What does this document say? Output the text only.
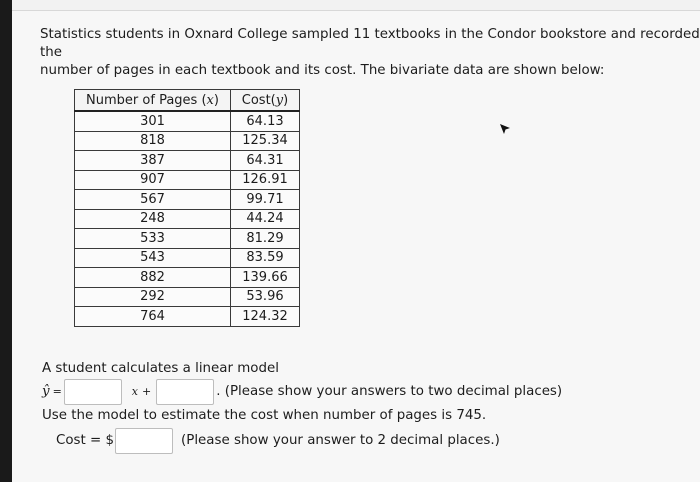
Statistics students in Oxnard College sampled 11 textbooks in the Condor bookstore and recorded the
number of pages in each textbook and its cost. The bivariate data are shown below:
Number of Pages (x)	Cost(y)
301	64.13
818	125.34
387	64.31
907	126.91
567	99.71
248	44.24
533	81.29
543	83.59
882	139.66
292	53.96
764	124.32
A student calculates a linear model
ŷ =	x +	. (Please show your answers to two decimal places)
Use the model to estimate the cost when number of pages is 745.
Cost = $	(Please show your answer to 2 decimal places.)
